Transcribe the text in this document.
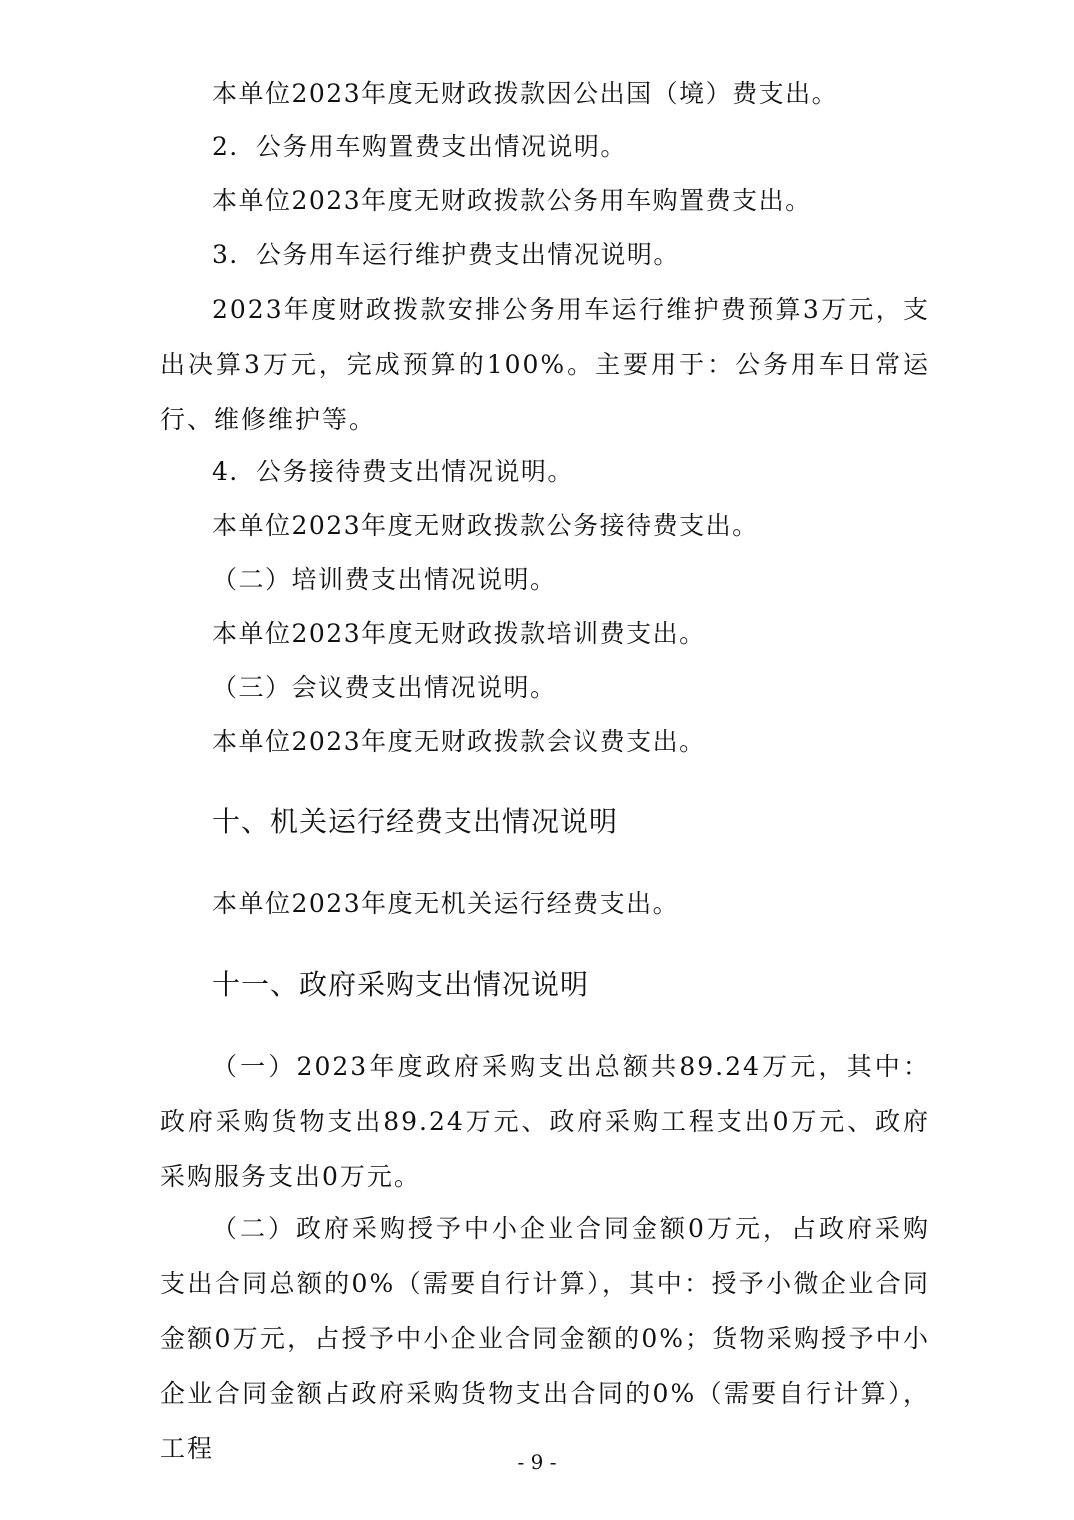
本单位2023年度无财政拨款因公出国（境）费支出。

2．公务用车购置费支出情况说明。

本单位2023年度无财政拨款公务用车购置费支出。

3．公务用车运行维护费支出情况说明。

2023年度财政拨款安排公务用车运行维护费预算3万元，支出决算3万元，完成预算的100%。主要用于：公务用车日常运行、维修维护等。

4．公务接待费支出情况说明。

本单位2023年度无财政拨款公务接待费支出。

（二）培训费支出情况说明。

本单位2023年度无财政拨款培训费支出。

（三）会议费支出情况说明。

本单位2023年度无财政拨款会议费支出。

十、机关运行经费支出情况说明

本单位2023年度无机关运行经费支出。

十一、政府采购支出情况说明

（一）2023年度政府采购支出总额共89.24万元，其中：政府采购货物支出89.24万元、政府采购工程支出0万元、政府采购服务支出0万元。

（二）政府采购授予中小企业合同金额0万元，占政府采购支出合同总额的0%（需要自行计算），其中：授予小微企业合同金额0万元，占授予中小企业合同金额的0%；货物采购授予中小企业合同金额占政府采购货物支出合同的0%（需要自行计算），工程	- 9 -
